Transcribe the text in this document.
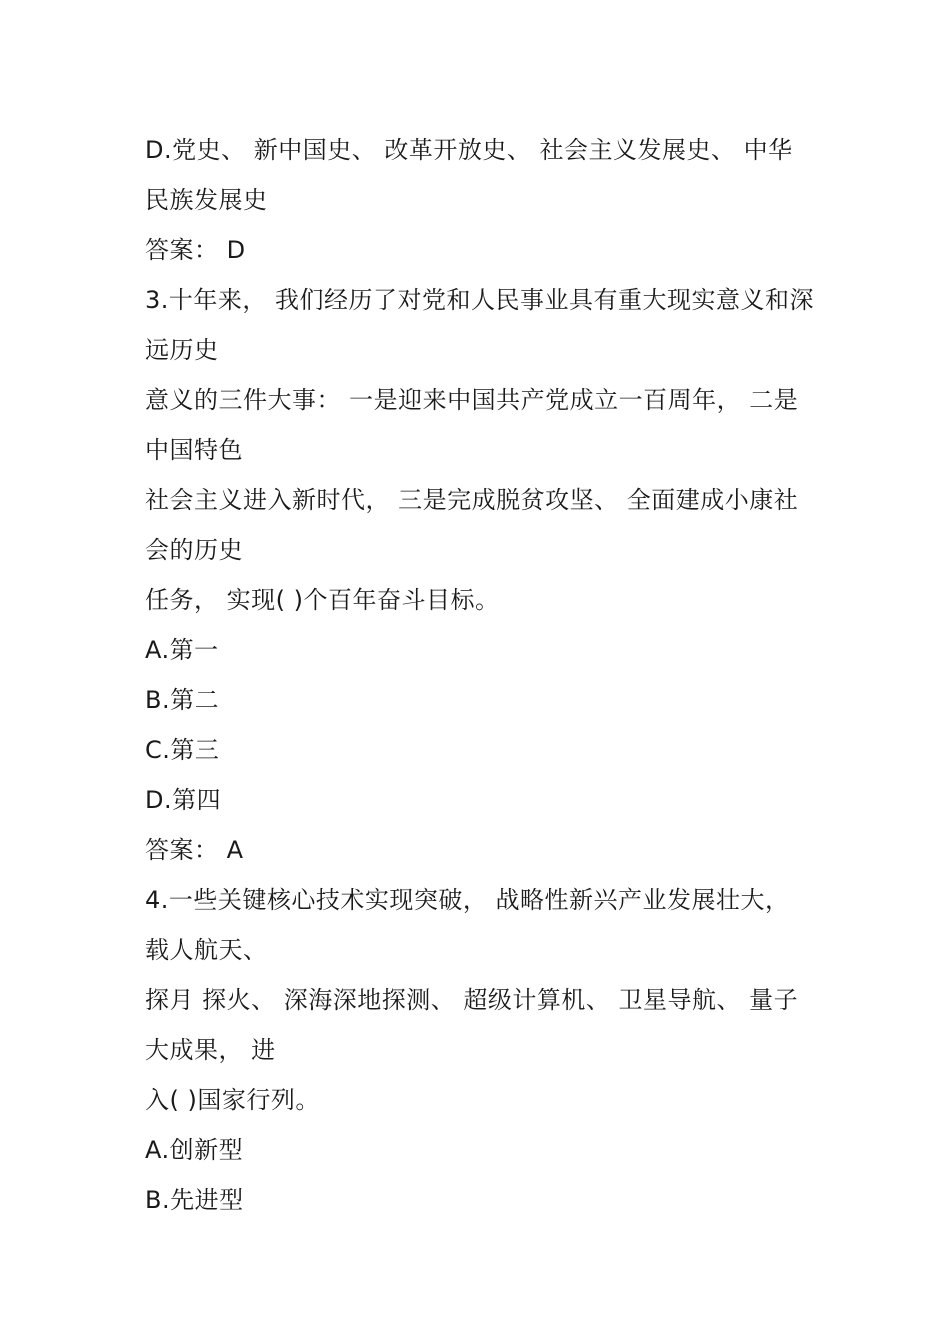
D.党史、 新中国史、 改革开放史、 社会主义发展史、 中华
民族发展史
答案： D
3.十年来， 我们经历了对党和人民事业具有重大现实意义和深
远历史
意义的三件大事： 一是迎来中国共产党成立一百周年， 二是
中国特色
社会主义进入新时代， 三是完成脱贫攻坚、 全面建成小康社
会的历史
任务， 实现( )个百年奋斗目标。
A.第一
B.第二
C.第三
D.第四
答案： A
4.一些关键核心技术实现突破， 战略性新兴产业发展壮大，
载人航天、
探月 探火、 深海深地探测、 超级计算机、 卫星导航、 量子
大成果， 进
入( )国家行列。
A.创新型
B.先进型
